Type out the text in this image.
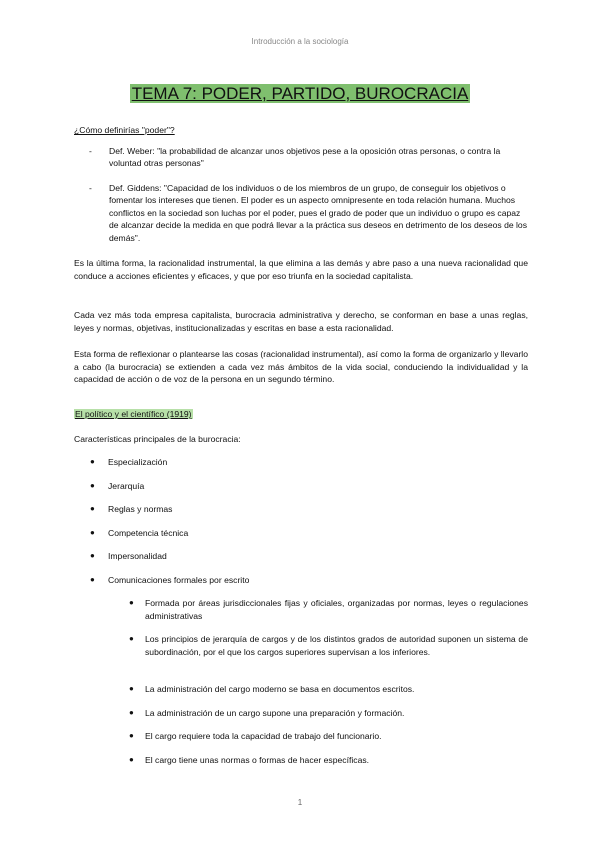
Introducción a la sociología
TEMA 7: PODER, PARTIDO, BUROCRACIA
¿Cómo definirías "poder"?
- Def. Weber: "la probabilidad de alcanzar unos objetivos pese a la oposición otras personas, o contra la voluntad otras personas"
- Def. Giddens: "Capacidad de los individuos o de los miembros de un grupo, de conseguir los objetivos o fomentar los intereses que tienen. El poder es un aspecto omnipresente en toda relación humana. Muchos conflictos en la sociedad son luchas por el poder, pues el grado de poder que un individuo o grupo es capaz de alcanzar decide la medida en que podrá llevar a la práctica sus deseos en detrimento de los deseos de los demás".
Es la última forma, la racionalidad instrumental, la que elimina a las demás y abre paso a una nueva racionalidad que conduce a acciones eficientes y eficaces, y que por eso triunfa en la sociedad capitalista.
Cada vez más toda empresa capitalista, burocracia administrativa y derecho, se conforman en base a unas reglas, leyes y normas, objetivas, institucionalizadas y escritas en base a esta racionalidad.
Esta forma de reflexionar o plantearse las cosas (racionalidad instrumental), así como la forma de organizarlo y llevarlo a cabo (la burocracia) se extienden a cada vez más ámbitos de la vida social, conduciendo la individualidad y la capacidad de acción o de voz de la persona en un segundo término.
El político y el científico (1919)
Características principales de la burocracia:
● Especialización
● Jerarquía
● Reglas y normas
● Competencia técnica
● Impersonalidad
● Comunicaciones formales por escrito
● Formada por áreas jurisdiccionales fijas y oficiales, organizadas por normas, leyes o regulaciones administrativas
● Los principios de jerarquía de cargos y de los distintos grados de autoridad suponen un sistema de subordinación, por el que los cargos superiores supervisan a los inferiores.
● La administración del cargo moderno se basa en documentos escritos.
● La administración de un cargo supone una preparación y formación.
● El cargo requiere toda la capacidad de trabajo del funcionario.
● El cargo tiene unas normas o formas de hacer específicas.
1
